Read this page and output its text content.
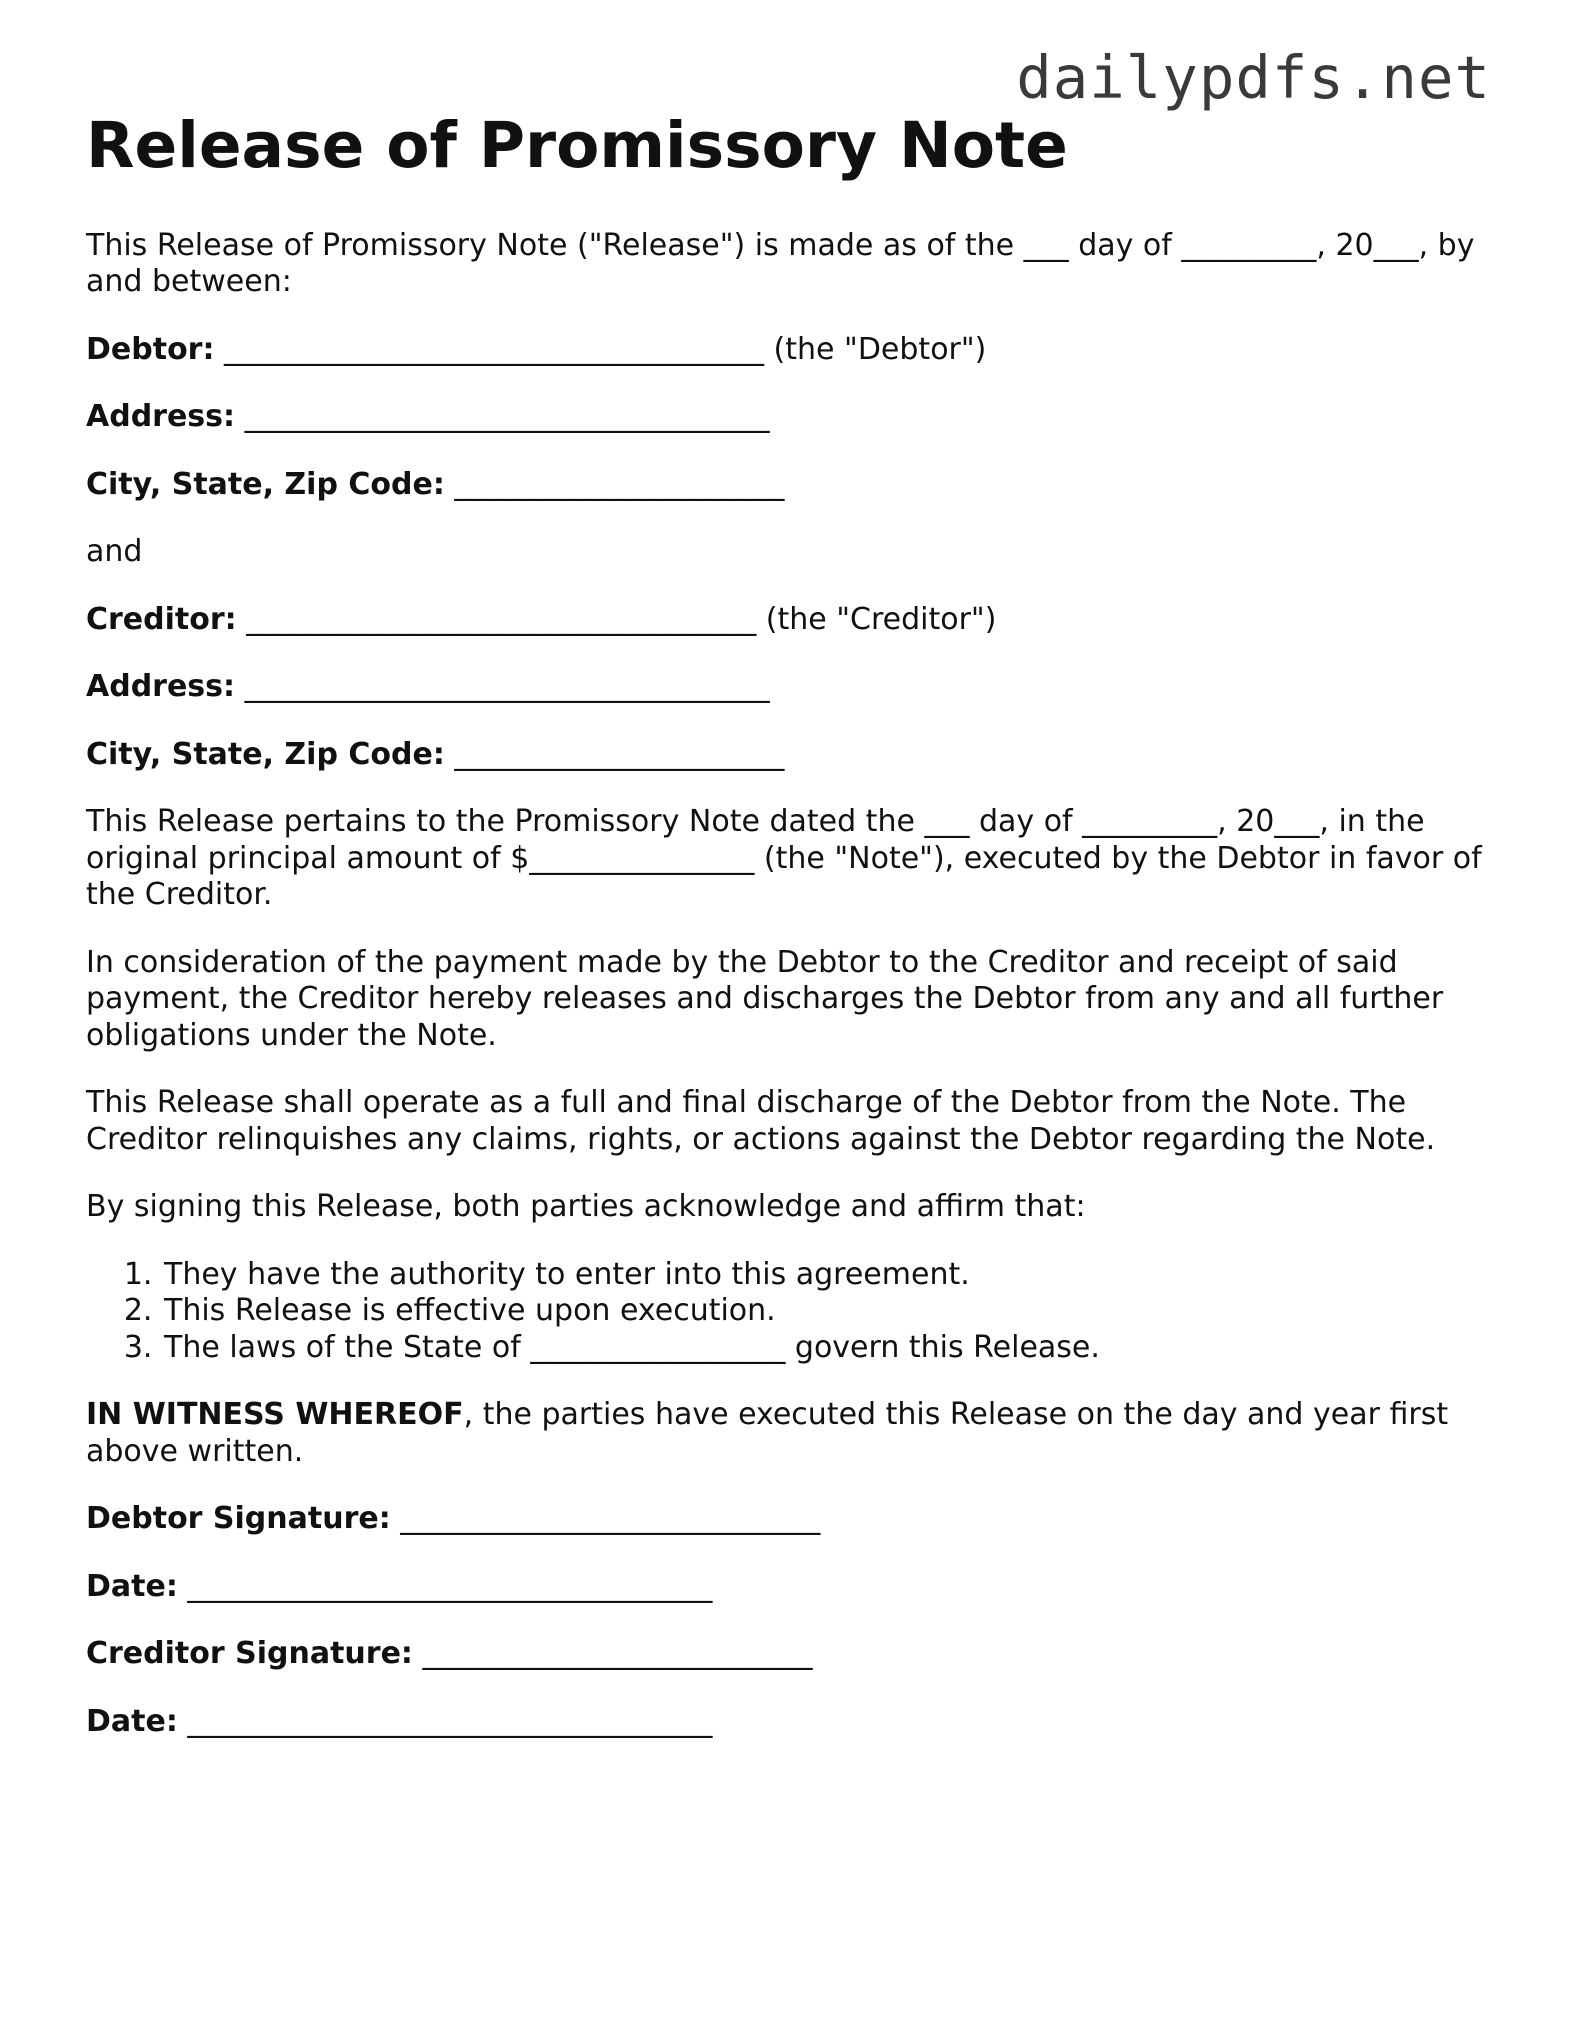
dailypdfs.net
Release of Promissory Note

This Release of Promissory Note ("Release") is made as of the ___ day of _________, 20___, by and between:

Debtor: ____________________________________ (the "Debtor")

Address: ___________________________________

City, State, Zip Code: ______________________

and

Creditor: __________________________________ (the "Creditor")

Address: ___________________________________

City, State, Zip Code: ______________________

This Release pertains to the Promissory Note dated the ___ day of _________, 20___, in the original principal amount of $_______________ (the "Note"), executed by the Debtor in favor of the Creditor.

In consideration of the payment made by the Debtor to the Creditor and receipt of said payment, the Creditor hereby releases and discharges the Debtor from any and all further obligations under the Note.

This Release shall operate as a full and final discharge of the Debtor from the Note. The Creditor relinquishes any claims, rights, or actions against the Debtor regarding the Note.

By signing this Release, both parties acknowledge and affirm that:

1. They have the authority to enter into this agreement.
2. This Release is effective upon execution.
3. The laws of the State of _________________ govern this Release.

IN WITNESS WHEREOF, the parties have executed this Release on the day and year first above written.

Debtor Signature: ____________________________

Date: ___________________________________

Creditor Signature: __________________________

Date: ___________________________________
